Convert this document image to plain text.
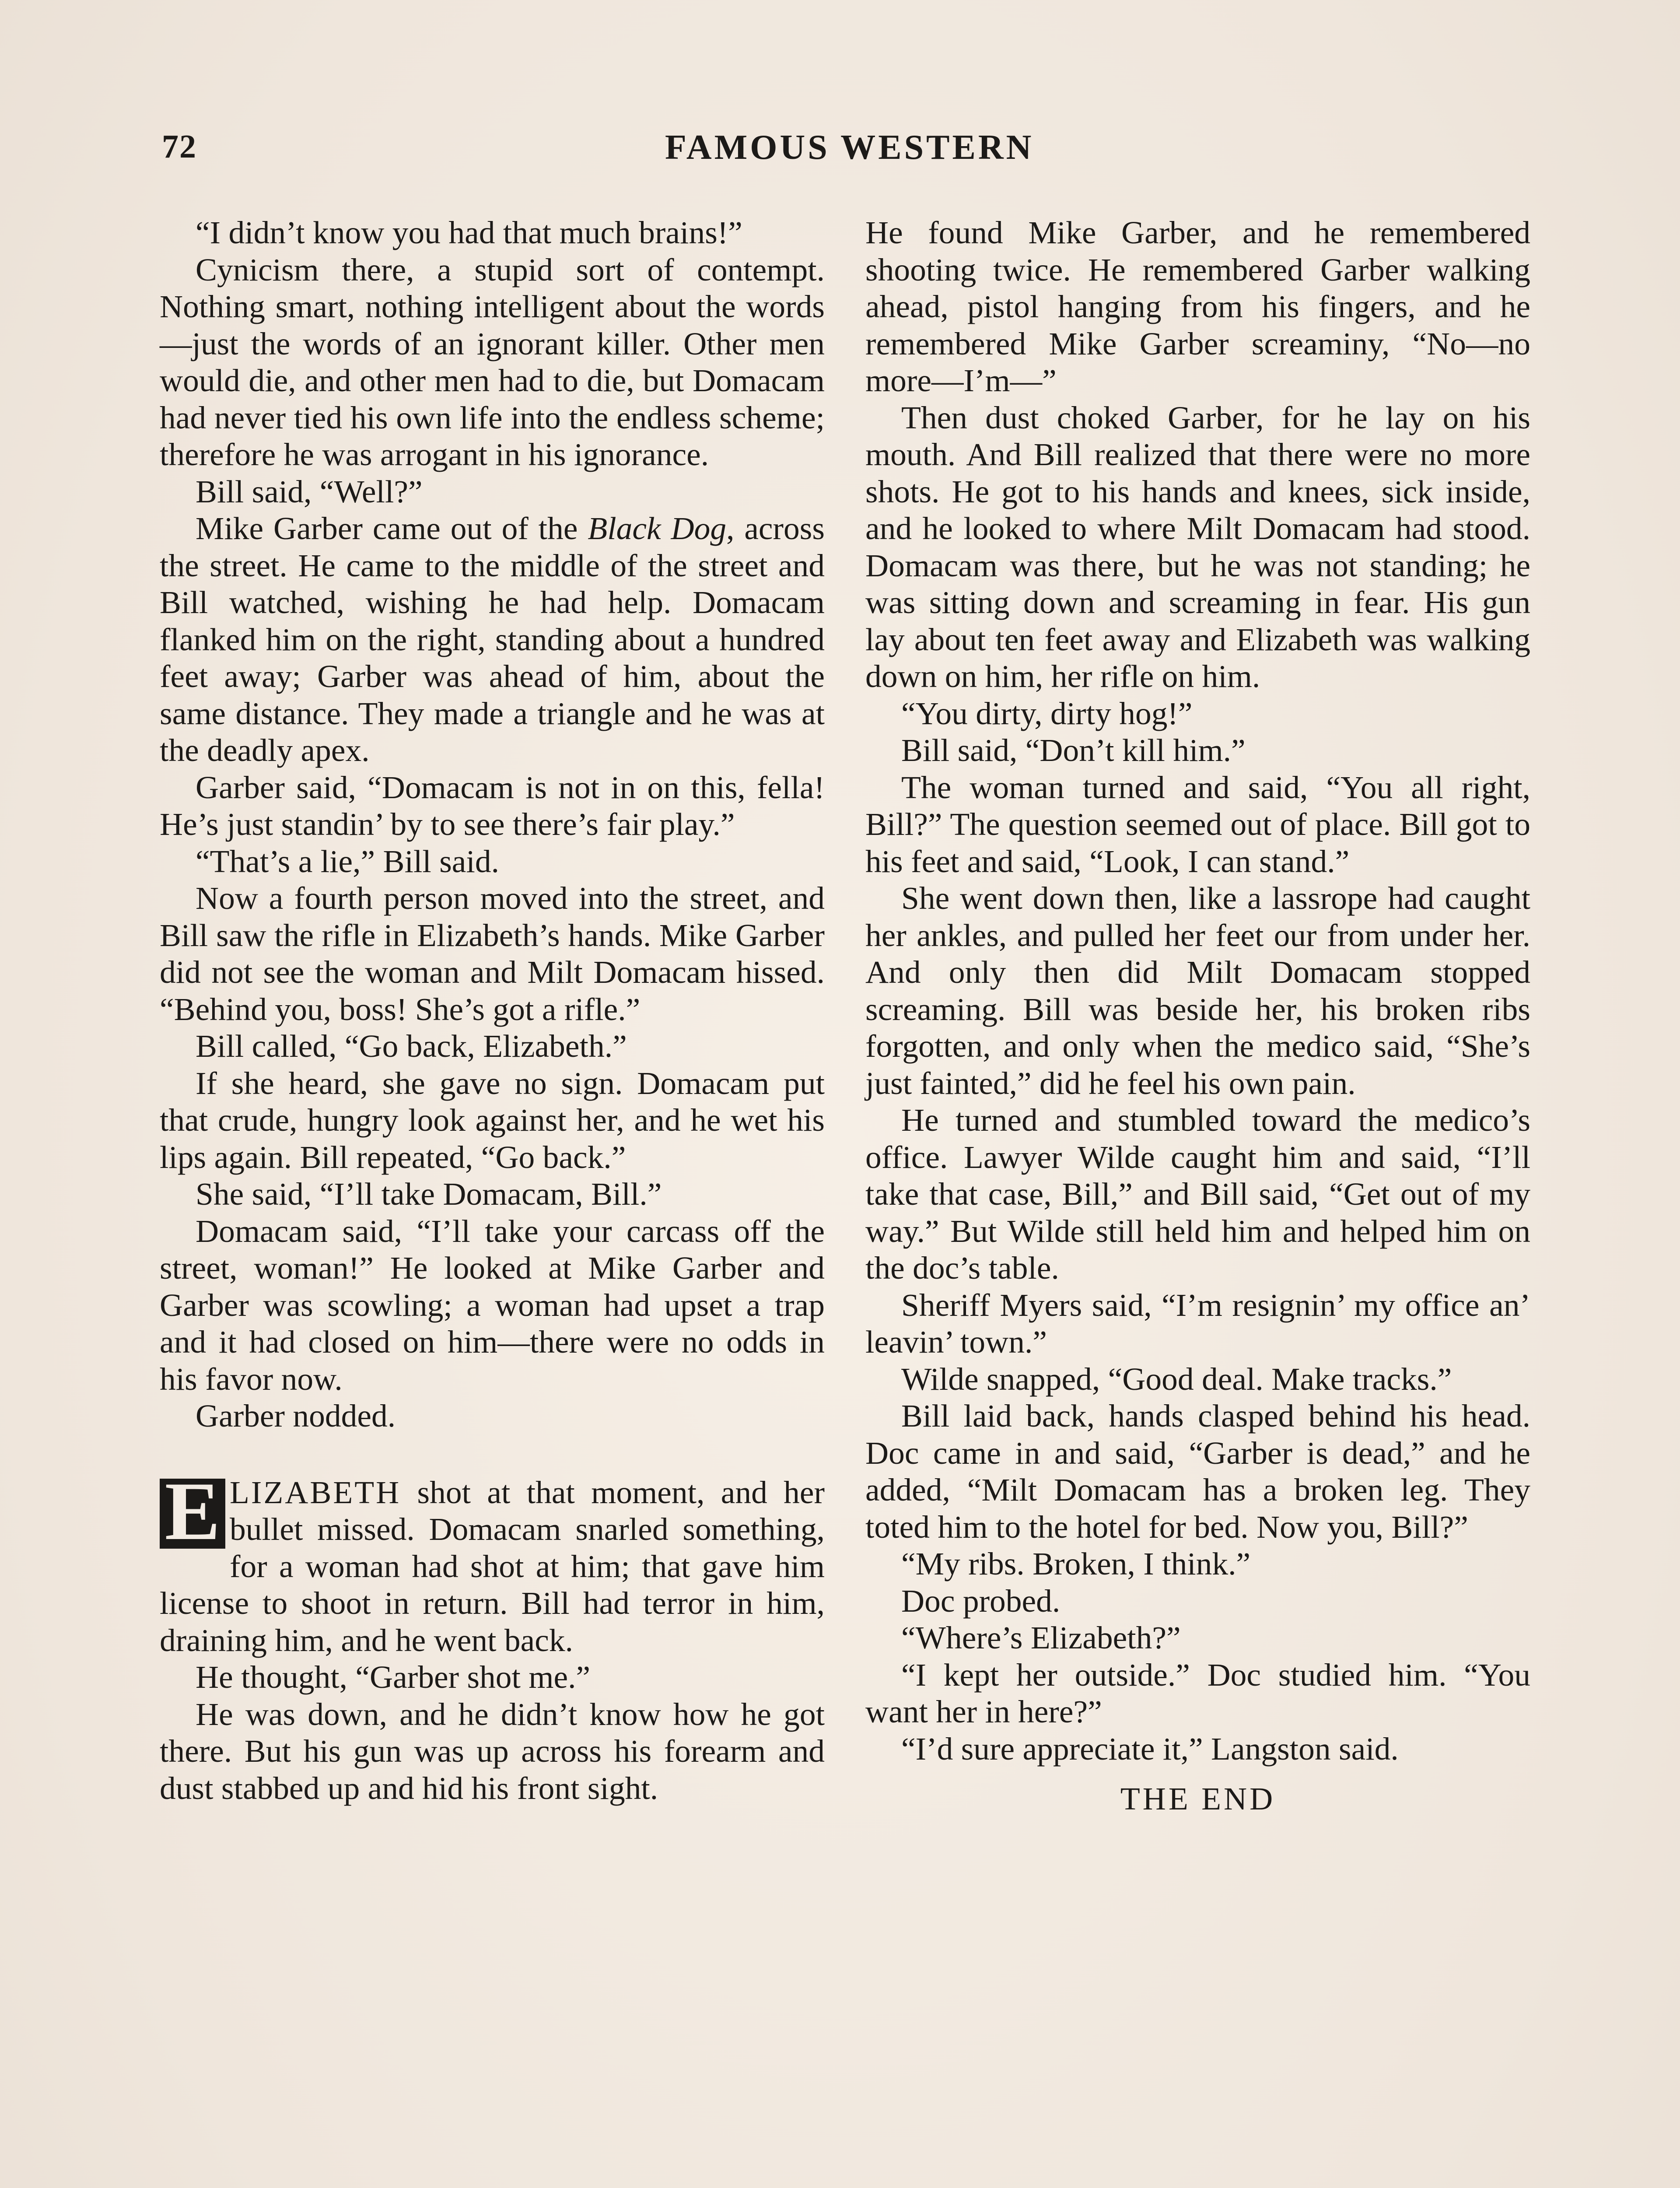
72	FAMOUS WESTERN

“I didn’t know you had that much brains!”

Cynicism there, a stupid sort of contempt. Nothing smart, nothing intelligent about the words—just the words of an ignorant killer. Other men would die, and other men had to die, but Domacam had never tied his own life into the endless scheme; therefore he was arrogant in his ignorance.

Bill said, “Well?”

Mike Garber came out of the Black Dog, across the street. He came to the middle of the street and Bill watched, wishing he had help. Domacam flanked him on the right, standing about a hundred feet away; Garber was ahead of him, about the same distance. They made a triangle and he was at the deadly apex.

Garber said, “Domacam is not in on this, fella! He’s just standin’ by to see there’s fair play.”

“That’s a lie,” Bill said.

Now a fourth person moved into the street, and Bill saw the rifle in Elizabeth’s hands. Mike Garber did not see the woman and Milt Domacam hissed. “Behind you, boss! She’s got a rifle.”

Bill called, “Go back, Elizabeth.”

If she heard, she gave no sign. Domacam put that crude, hungry look against her, and he wet his lips again. Bill repeated, “Go back.”

She said, “I’ll take Domacam, Bill.”

Domacam said, “I’ll take your carcass off the street, woman!” He looked at Mike Garber and Garber was scowling; a woman had upset a trap and it had closed on him—there were no odds in his favor now.

Garber nodded.

E LIZABETH shot at that moment, and her bullet missed. Domacam snarled something, for a woman had shot at him; that gave him license to shoot in return. Bill had terror in him, draining him, and he went back.

He thought, “Garber shot me.”

He was down, and he didn’t know how he got there. But his gun was up across his forearm and dust stabbed up and hid his front sight.

He found Mike Garber, and he remembered shooting twice. He remembered Garber walking ahead, pistol hanging from his fingers, and he remembered Mike Garber screaminy, “No—no more—I’m—”

Then dust choked Garber, for he lay on his mouth. And Bill realized that there were no more shots. He got to his hands and knees, sick inside, and he looked to where Milt Domacam had stood. Domacam was there, but he was not standing; he was sitting down and screaming in fear. His gun lay about ten feet away and Elizabeth was walking down on him, her rifle on him.

“You dirty, dirty hog!”

Bill said, “Don’t kill him.”

The woman turned and said, “You all right, Bill?” The question seemed out of place. Bill got to his feet and said, “Look, I can stand.”

She went down then, like a lassrope had caught her ankles, and pulled her feet our from under her. And only then did Milt Domacam stopped screaming. Bill was beside her, his broken ribs forgotten, and only when the medico said, “She’s just fainted,” did he feel his own pain.

He turned and stumbled toward the medico’s office. Lawyer Wilde caught him and said, “I’ll take that case, Bill,” and Bill said, “Get out of my way.” But Wilde still held him and helped him on the doc’s table.

Sheriff Myers said, “I’m resignin’ my office an’ leavin’ town.”

Wilde snapped, “Good deal. Make tracks.”

Bill laid back, hands clasped behind his head. Doc came in and said, “Garber is dead,” and he added, “Milt Domacam has a broken leg. They toted him to the hotel for bed. Now you, Bill?”

“My ribs. Broken, I think.”

Doc probed.

“Where’s Elizabeth?”

“I kept her outside.” Doc studied him. “You want her in here?”

“I’d sure appreciate it,” Langston said.

THE END
